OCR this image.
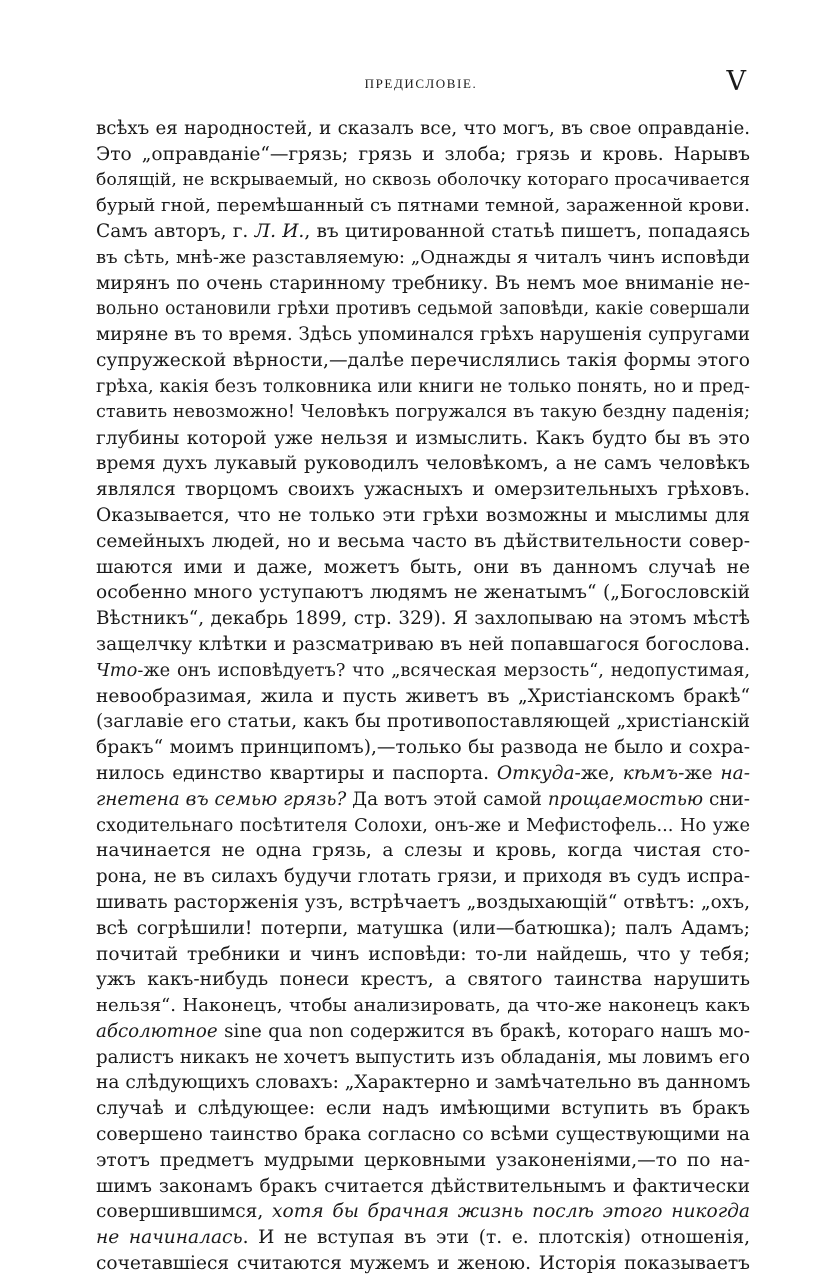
ПРЕДИСЛОВІЕ.	V
всѣхъ ея народностей, и сказалъ все, что могъ, въ свое оправданіе.
Это „оправданіе“—грязь; грязь и злоба; грязь и кровь. Нарывъ
болящій, не вскрываемый, но сквозь оболочку котораго просачивается
бурый гной, перемѣшанный съ пятнами темной, зараженной крови.
Самъ авторъ, г. Л. И., въ цитированной статьѣ пишетъ, попадаясь
въ сѣть, мнѣ-же разставляемую: „Однажды я читалъ чинъ исповѣди
мирянъ по очень старинному требнику. Въ немъ мое вниманіе не-
вольно остановили грѣхи противъ седьмой заповѣди, какіе совершали
миряне въ то время. Здѣсь упоминался грѣхъ нарушенія супругами
супружеской вѣрности,—далѣе перечислялись такія формы этого
грѣха, какія безъ толковника или книги не только понять, но и пред-
ставить невозможно! Человѣкъ погружался въ такую бездну паденія;
глубины которой уже нельзя и измыслить. Какъ будто бы въ это
время духъ лукавый руководилъ человѣкомъ, а не самъ человѣкъ
являлся творцомъ своихъ ужасныхъ и омерзительныхъ грѣховъ.
Оказывается, что не только эти грѣхи возможны и мыслимы для
семейныхъ людей, но и весьма часто въ дѣйствительности совер-
шаются ими и даже, можетъ быть, они въ данномъ случаѣ не
особенно много уступаютъ людямъ не женатымъ“ („Богословскій
Вѣстникъ“, декабрь 1899, стр. 329). Я захлопываю на этомъ мѣстѣ
защелчку клѣтки и разсматриваю въ ней попавшагося богослова.
Что-же онъ исповѣдуетъ? что „всяческая мерзость“, недопустимая,
невообразимая, жила и пусть живетъ въ „Христіанскомъ бракѣ“
(заглавіе его статьи, какъ бы противопоставляющей „христіанскій
бракъ“ моимъ принципомъ),—только бы развода не было и сохра-
нилось единство квартиры и паспорта. Откуда-же, кѣмъ-же на-
гнетена въ семью грязь? Да вотъ этой самой прощаемостью сни-
сходительнаго посѣтителя Солохи, онъ-же и Мефистофель... Но уже
начинается не одна грязь, а слезы и кровь, когда чистая сто-
рона, не въ силахъ будучи глотать грязи, и приходя въ судъ испра-
шивать расторженія узъ, встрѣчаетъ „воздыхающій“ отвѣтъ: „охъ,
всѣ согрѣшили! потерпи, матушка (или—батюшка); палъ Адамъ;
почитай требники и чинъ исповѣди: то-ли найдешь, что у тебя;
ужъ какъ-нибудь понеси крестъ, а святого таинства нарушить
нельзя“. Наконецъ, чтобы анализировать, да что-же наконецъ какъ
абсолютное sine qua non содержится въ бракѣ, котораго нашъ мо-
ралистъ никакъ не хочетъ выпустить изъ обладанія, мы ловимъ его
на слѣдующихъ словахъ: „Характерно и замѣчательно въ данномъ
случаѣ и слѣдующее: если надъ имѣющими вступить въ бракъ
совершено таинство брака согласно со всѣми существующими на
этотъ предметъ мудрыми церковными узаконеніями,—то по на-
шимъ законамъ бракъ считается дѣйствительнымъ и фактически
совершившимся, хотя бы брачная жизнь послѣ этого никогда
не начиналась. И не вступая въ эти (т. е. плотскія) отношенія,
сочетавшіеся считаются мужемъ и женою. Исторія показываетъ
